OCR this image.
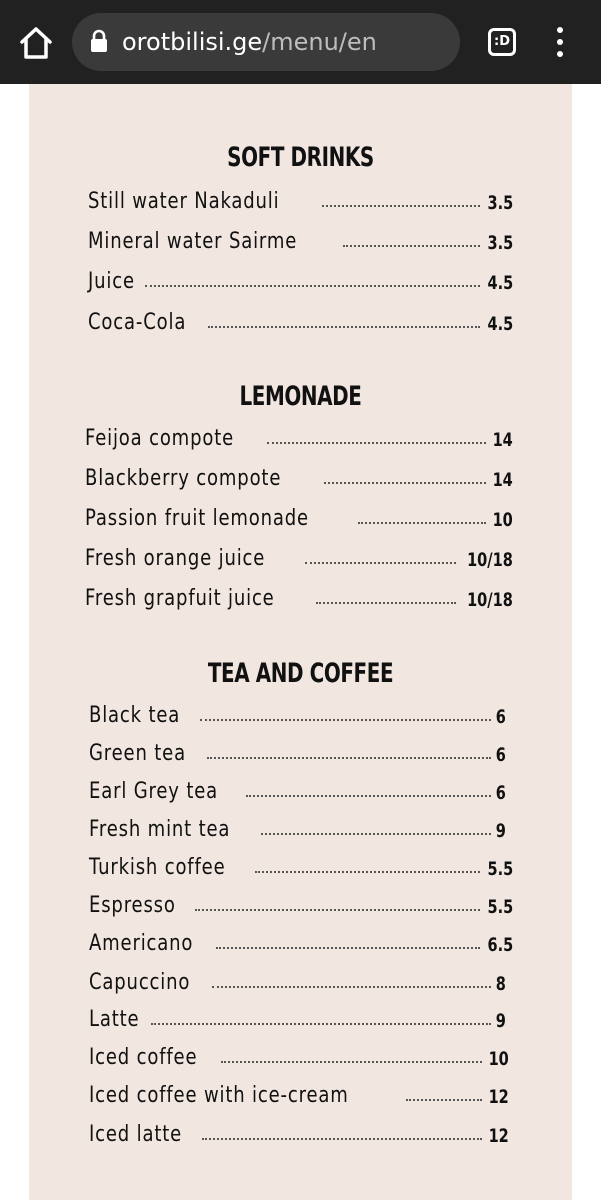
orotbilisi.ge/menu/en	:D
SOFT DRINKS
Still water Nakaduli	3.5
Mineral water Sairme	3.5
Juice	4.5
Coca-Cola	4.5
LEMONADE
Feijoa compote	14
Blackberry compote	14
Passion fruit lemonade	10
Fresh orange juice	10/18
Fresh grapfuit juice	10/18
TEA AND COFFEE
Black tea	6
Green tea	6
Earl Grey tea	6
Fresh mint tea	9
Turkish coffee	5.5
Espresso	5.5
Americano	6.5
Capuccino	8
Latte	9
Iced coffee	10
Iced coffee with ice-cream	12
Iced latte	12
